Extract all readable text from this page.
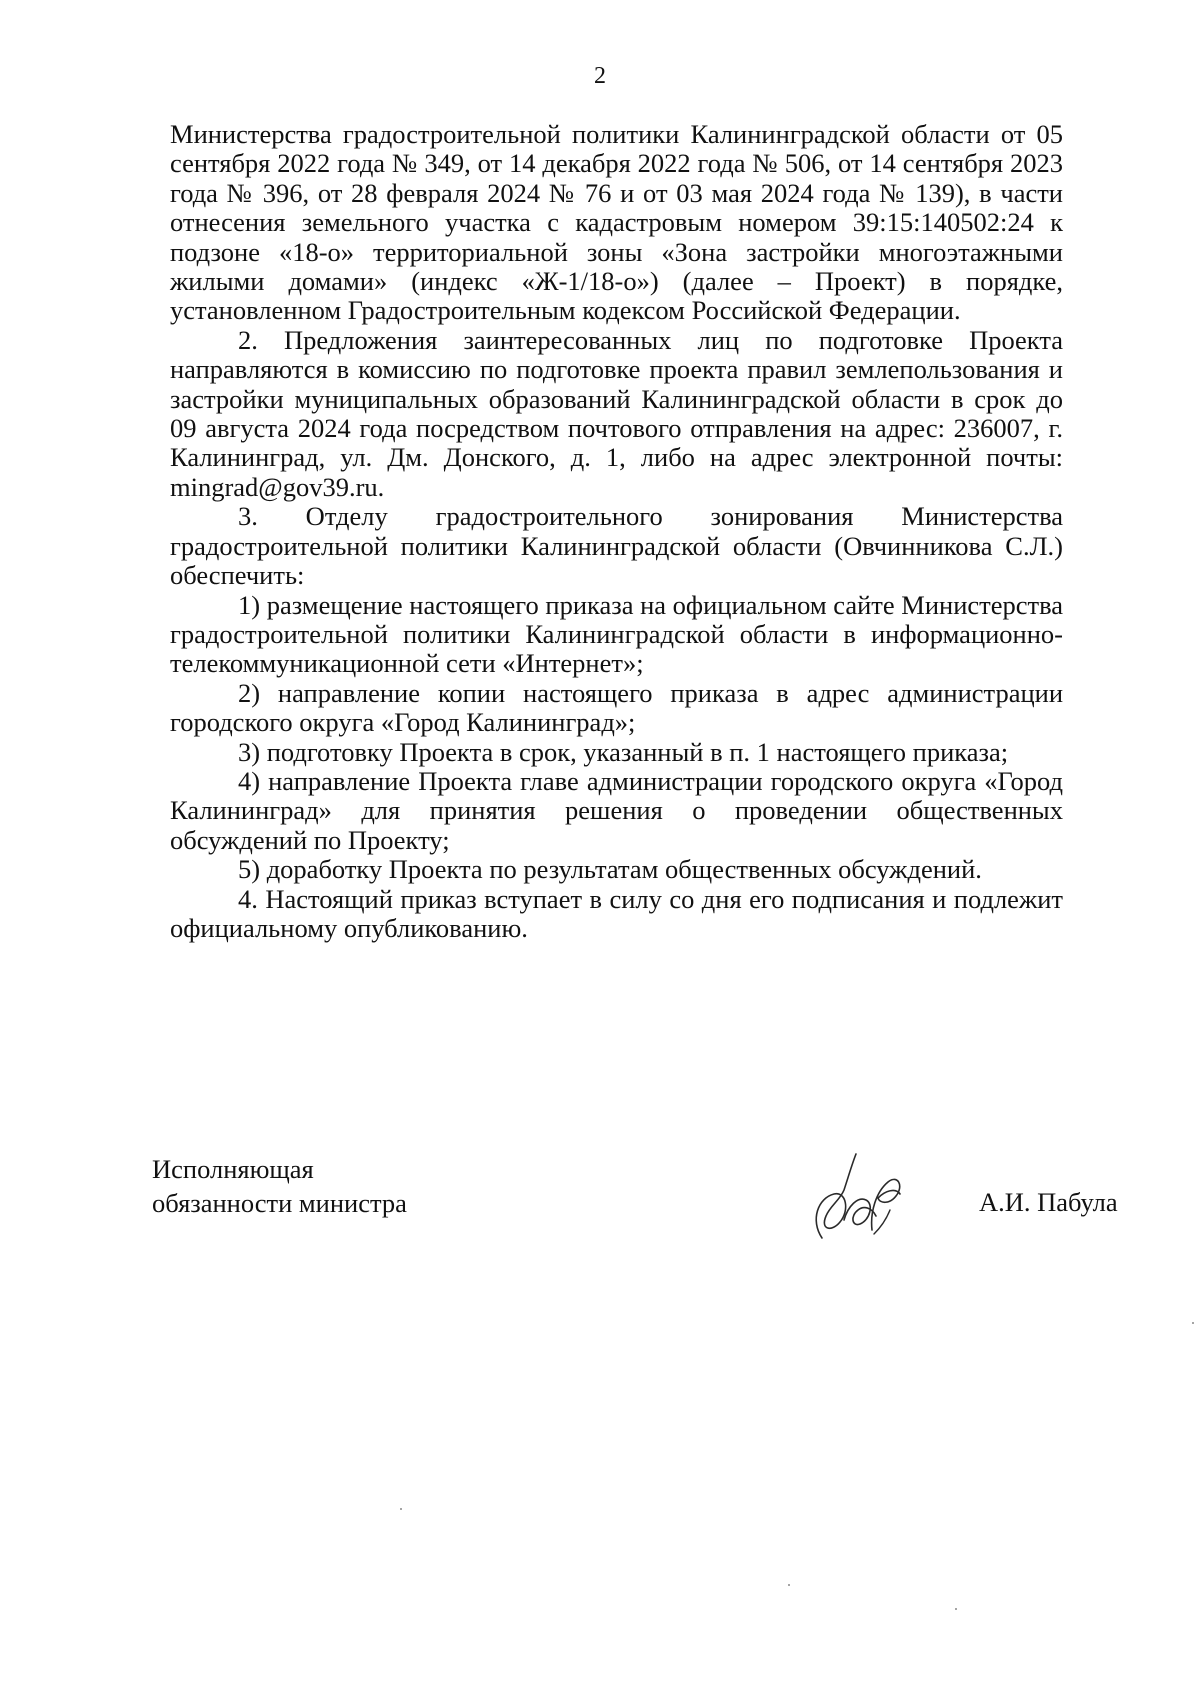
2

Министерства градостроительной политики Калининградской области от 05 сентября 2022 года № 349, от 14 декабря 2022 года № 506, от 14 сентября 2023 года № 396, от 28 февраля 2024 № 76 и от 03 мая 2024 года № 139), в части отнесения земельного участка с кадастровым номером 39:15:140502:24 к подзоне «18-о» территориальной зоны «Зона застройки многоэтажными жилыми домами» (индекс «Ж-1/18-о») (далее – Проект) в порядке, установленном Градостроительным кодексом Российской Федерации.

2. Предложения заинтересованных лиц по подготовке Проекта направляются в комиссию по подготовке проекта правил землепользования и застройки муниципальных образований Калининградской области в срок до 09 августа 2024 года посредством почтового отправления на адрес: 236007, г. Калининград, ул. Дм. Донского, д. 1, либо на адрес электронной почты: mingrad@gov39.ru.

3. Отделу градостроительного зонирования Министерства градостроительной политики Калининградской области (Овчинникова С.Л.) обеспечить:

1) размещение настоящего приказа на официальном сайте Министерства градостроительной политики Калининградской области в информационно-телекоммуникационной сети «Интернет»;

2) направление копии настоящего приказа в адрес администрации городского округа «Город Калининград»;

3) подготовку Проекта в срок, указанный в п. 1 настоящего приказа;

4) направление Проекта главе администрации городского округа «Город Калининград» для принятия решения о проведении общественных обсуждений по Проекту;

5) доработку Проекта по результатам общественных обсуждений.

4. Настоящий приказ вступает в силу со дня его подписания и подлежит официальному опубликованию.

Исполняющая
обязанности министра	А.И. Пабула
